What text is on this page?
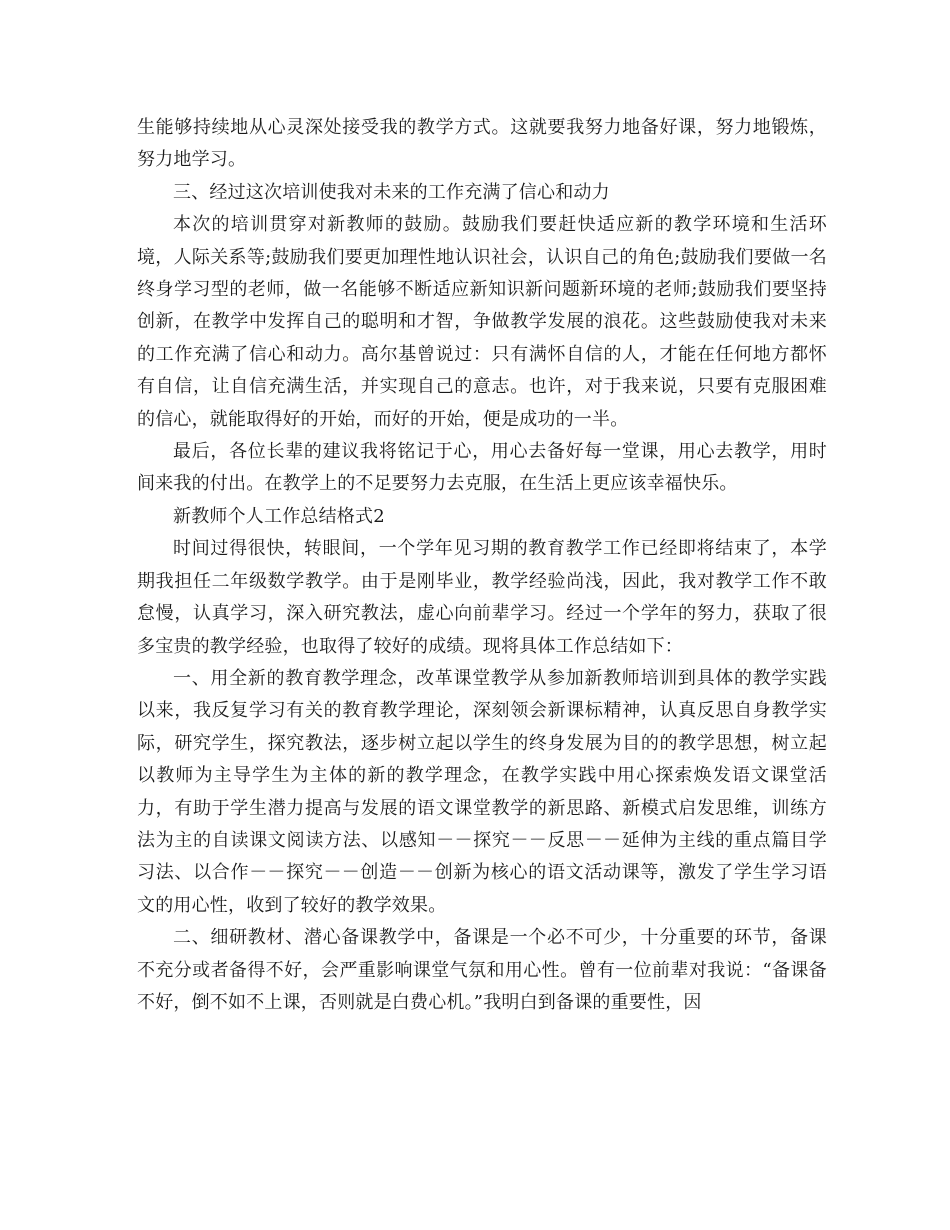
生能够持续地从心灵深处接受我的教学方式。这就要我努力地备好课，努力地锻炼，努力地学习。

三、经过这次培训使我对未来的工作充满了信心和动力

本次的培训贯穿对新教师的鼓励。鼓励我们要赶快适应新的教学环境和生活环境，人际关系等;鼓励我们要更加理性地认识社会，认识自己的角色;鼓励我们要做一名终身学习型的老师，做一名能够不断适应新知识新问题新环境的老师;鼓励我们要坚持创新，在教学中发挥自己的聪明和才智，争做教学发展的浪花。这些鼓励使我对未来的工作充满了信心和动力。高尔基曾说过：只有满怀自信的人，才能在任何地方都怀有自信，让自信充满生活，并实现自己的意志。也许，对于我来说，只要有克服困难的信心，就能取得好的开始，而好的开始，便是成功的一半。

最后，各位长辈的建议我将铭记于心，用心去备好每一堂课，用心去教学，用时间来我的付出。在教学上的不足要努力去克服，在生活上更应该幸福快乐。

新教师个人工作总结格式2

时间过得很快，转眼间，一个学年见习期的教育教学工作已经即将结束了，本学期我担任二年级数学教学。由于是刚毕业，教学经验尚浅，因此，我对教学工作不敢怠慢，认真学习，深入研究教法，虚心向前辈学习。经过一个学年的努力，获取了很多宝贵的教学经验，也取得了较好的成绩。现将具体工作总结如下：

一、用全新的教育教学理念，改革课堂教学从参加新教师培训到具体的教学实践以来，我反复学习有关的教育教学理论，深刻领会新课标精神，认真反思自身教学实际，研究学生，探究教法，逐步树立起以学生的终身发展为目的的教学思想，树立起以教师为主导学生为主体的新的教学理念，在教学实践中用心探索焕发语文课堂活力，有助于学生潜力提高与发展的语文课堂教学的新思路、新模式启发思维，训练方法为主的自读课文阅读方法、以感知－－探究－－反思－－延伸为主线的重点篇目学习法、以合作－－探究－－创造－－创新为核心的语文活动课等，激发了学生学习语文的用心性，收到了较好的教学效果。

二、细研教材、潜心备课教学中，备课是一个必不可少，十分重要的环节，备课不充分或者备得不好，会严重影响课堂气氛和用心性。曾有一位前辈对我说：“备课备不好，倒不如不上课，否则就是白费心机。”我明白到备课的重要性，因
